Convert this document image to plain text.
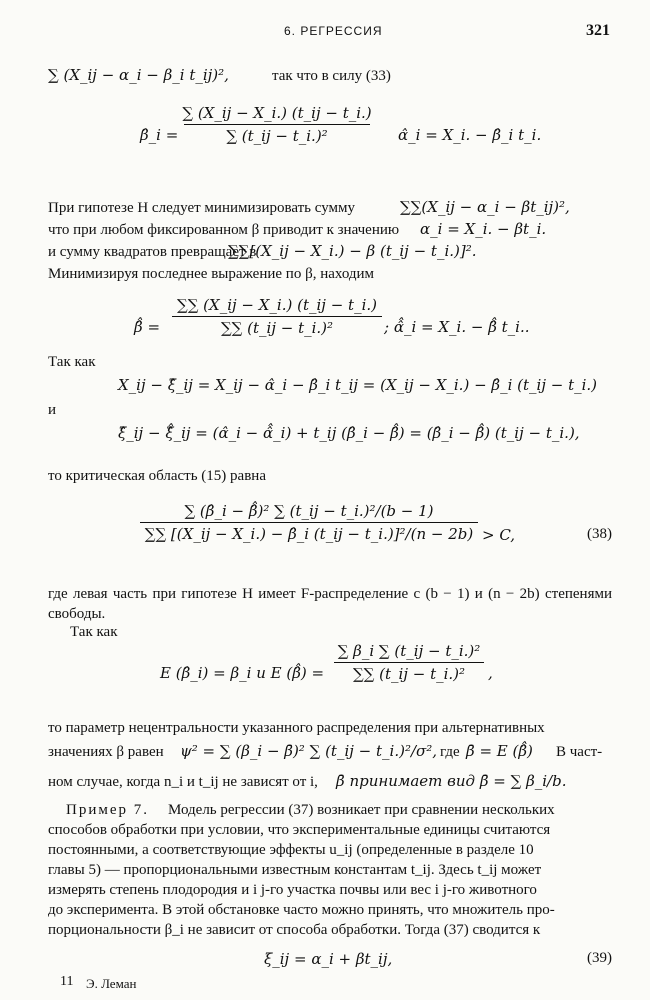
6. РЕГРЕССИЯ	321
∑ (X_ij − α_i − β_i t_ij)²,	так что в силу (33)
β̂_i =
∑ (X_ij − X_i.) (t_ij − t_i.)
∑ (t_ij − t_i.)²	α̂_i = X_i. − β̂_i t_i.
При гипотезе H следует минимизировать сумму	∑∑(X_ij − α_i − βt_ij)²,
что при любом фиксированном β приводит к значению α_i = X_i. − βt_i.
и сумму квадратов превращает в
∑∑[(X_ij − X_i.) − β (t_ij − t_i.)]².
Минимизируя последнее выражение по β, находим
β̂̂ =
∑∑ (X_ij − X_i.) (t_ij − t_i.)
∑∑ (t_ij − t_i.)²	; α̂̂_i = X_i. − β̂̂ t_i..
Так как
X_ij − ξ̂_ij = X_ij − α̂_i − β̂_i t_ij = (X_ij − X_i.) − β̂_i (t_ij − t_i.)
и
ξ̂_ij − ξ̂̂_ij = (α̂_i − α̂̂_i) + t_ij (β̂_i − β̂̂) = (β̂_i − β̂̂) (t_ij − t_i.),
то критическая область (15) равна
∑ (β̂_i − β̂̂)² ∑ (t_ij − t_i.)²/(b − 1)
∑∑ [(X_ij − X_i.) − β̂_i (t_ij − t_i.)]²/(n − 2b) > C,	(38)
где левая часть при гипотезе H имеет F-распределение с (b − 1) и (n − 2b) степенями свободы.
Так как
E (β̂_i) = β_i и E (β̂̂) =
∑ β_i ∑ (t_ij − t_i.)²
∑∑ (t_ij − t_i.)² ,
то параметр нецентральности указанного распределения при альтернативных
значениях β равен ψ² = ∑ (β_i − β̄)² ∑ (t_ij − t_i.)²/σ², где β̄ = E (β̂̂) В част-
ном случае, когда n_i и t_ij не зависят от i, β̄ принимает вид β̄ = ∑ β_i/b.
Пример 7. Модель регрессии (37) возникает при сравнении нескольких
способов обработки при условии, что экспериментальные единицы считаются
постоянными, а соответствующие эффекты u_ij (определенные в разделе 10
главы 5) — пропорциональными известным константам t_ij. Здесь t_ij может
измерять степень плодородия и i j-го участка почвы или вес i j-го животного
до эксперимента. В этой обстановке часто можно принять, что множитель про-
порциональности β_i не зависит от способа обработки. Тогда (37) сводится к
ξ_ij = α_i + βt_ij,	(39)
11 Э. Леман
